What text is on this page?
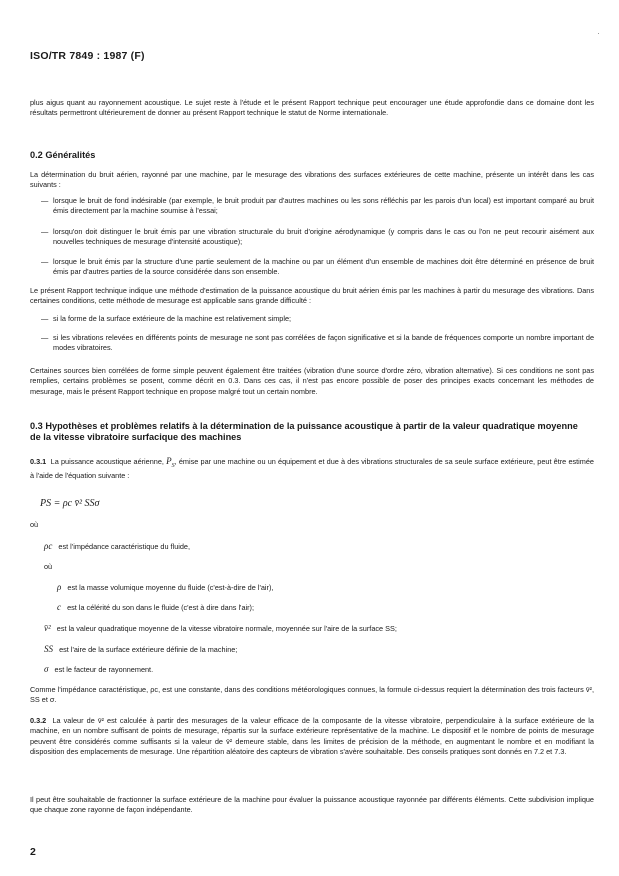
ISO/TR 7849 : 1987 (F)
plus aigus quant au rayonnement acoustique. Le sujet reste à l'étude et le présent Rapport technique peut encourager une étude approfondie dans ce domaine dont les résultats permettront ultérieurement de donner au présent Rapport technique le statut de Norme internationale.
0.2 Généralités
La détermination du bruit aérien, rayonné par une machine, par le mesurage des vibrations des surfaces extérieures de cette machine, présente un intérêt dans les cas suivants :
— lorsque le bruit de fond indésirable (par exemple, le bruit produit par d'autres machines ou les sons réfléchis par les parois d'un local) est important comparé au bruit émis directement par la machine soumise à l'essai;
— lorsqu'on doit distinguer le bruit émis par une vibration structurale du bruit d'origine aérodynamique (y compris dans le cas ou l'on ne peut recourir aisément aux nouvelles techniques de mesurage d'intensité acoustique);
— lorsque le bruit émis par la structure d'une partie seulement de la machine ou par un élément d'un ensemble de machines doit être déterminé en présence de bruit émis par d'autres parties de la source considérée dans son ensemble.
Le présent Rapport technique indique une méthode d'estimation de la puissance acoustique du bruit aérien émis par les machines à partir du mesurage des vibrations. Dans certaines conditions, cette méthode de mesurage est applicable sans grande difficulté :
— si la forme de la surface extérieure de la machine est relativement simple;
— si les vibrations relevées en différents points de mesurage ne sont pas corrélées de façon significative et si la bande de fréquences comporte un nombre important de modes vibratoires.
Certaines sources bien corrélées de forme simple peuvent également être traitées (vibration d'une source d'ordre zéro, vibration alternative). Si ces conditions ne sont pas remplies, certains problèmes se posent, comme décrit en 0.3. Dans ces cas, il n'est pas encore possible de poser des principes exacts concernant les méthodes de mesurage, mais le présent Rapport technique en propose malgré tout un certain nombre.
0.3 Hypothèses et problèmes relatifs à la détermination de la puissance acoustique à partir de la valeur quadratique moyenne de la vitesse vibratoire surfacique des machines
0.3.1 La puissance acoustique aérienne, $P_S$, émise par une machine ou un équipement et due à des vibrations structurales de sa seule surface extérieure, peut être estimée à l'aide de l'équation suivante :
PS = ρc v̄² SSσ
où
ρc est l'impédance caractéristique du fluide,
où
ρ est la masse volumique moyenne du fluide (c'est-à-dire de l'air),
c est la célérité du son dans le fluide (c'est à dire dans l'air);
v̄² est la valeur quadratique moyenne de la vitesse vibratoire normale, moyennée sur l'aire de la surface SS;
SS est l'aire de la surface extérieure définie de la machine;
σ est le facteur de rayonnement.
Comme l'impédance caractéristique, ρc, est une constante, dans des conditions météorologiques connues, la formule ci-dessus requiert la détermination des trois facteurs v̄², SS et σ.
0.3.2 La valeur de v̄² est calculée à partir des mesurages de la valeur efficace de la composante de la vitesse vibratoire, perpendiculaire à la surface extérieure de la machine, en un nombre suffisant de points de mesurage, répartis sur la surface extérieure représentative de la machine. Le dispositif et le nombre de points de mesurage peuvent être considérés comme suffisants si la valeur de v̄² demeure stable, dans les limites de précision de la méthode, en augmentant le nombre et en modifiant la disposition des emplacements de mesurage. Une répartition aléatoire des capteurs de vibration s'avère souhaitable. Des conseils pratiques sont donnés en 7.2 et 7.3.
Il peut être souhaitable de fractionner la surface extérieure de la machine pour évaluer la puissance acoustique rayonnée par différents éléments. Cette subdivision implique que chaque zone rayonne de façon indépendante.
2
